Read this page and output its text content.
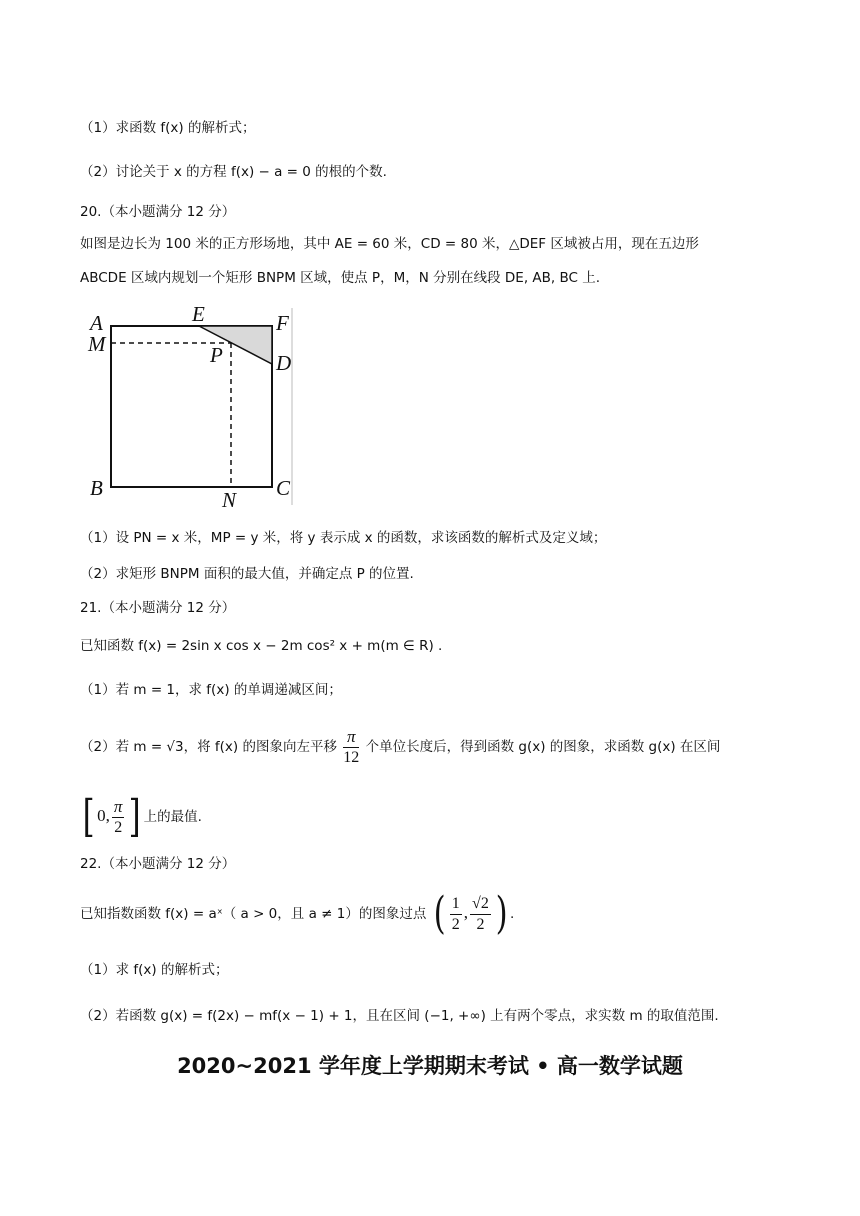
（1）求函数 f(x) 的解析式；
（2）讨论关于 x 的方程 f(x) − a = 0 的根的个数.
20.（本小题满分 12 分）
如图是边长为 100 米的正方形场地，其中 AE = 60 米，CD = 80 米，△DEF 区域被占用，现在五边形
ABCDE 区域内规划一个矩形 BNPM 区域，使点 P，M，N 分别在线段 DE, AB, BC 上.
A
M
E	F
P	D
B	N C
（1）设 PN = x 米，MP = y 米，将 y 表示成 x 的函数，求该函数的解析式及定义域；
（2）求矩形 BNPM 面积的最大值，并确定点 P 的位置.
21.（本小题满分 12 分）
已知函数 f(x) = 2sin x cos x − 2m cos² x + m(m ∈ R) .
（1）若 m = 1，求 f(x) 的单调递减区间；
（2）若 m = √3，将 f(x) 的图象向左平移 $\frac{\pi}{12}$ 个单位长度后，得到函数 g(x) 的图象，求函数 g(x) 在区间
[ 0, $\frac{\pi}{2}$ ] 上的最值.
22.（本小题满分 12 分）
已知指数函数 f(x) = aˣ（ a > 0，且 a ≠ 1）的图象过点 ( $\frac{1}{2}$ , $\frac{√2}{2}$ ) .
（1）求 f(x) 的解析式；
（2）若函数 g(x) = f(2x) − mf(x − 1) + 1，且在区间 (−1, +∞) 上有两个零点，求实数 m 的取值范围.
2020~2021 学年度上学期期末考试 • 高一数学试题
